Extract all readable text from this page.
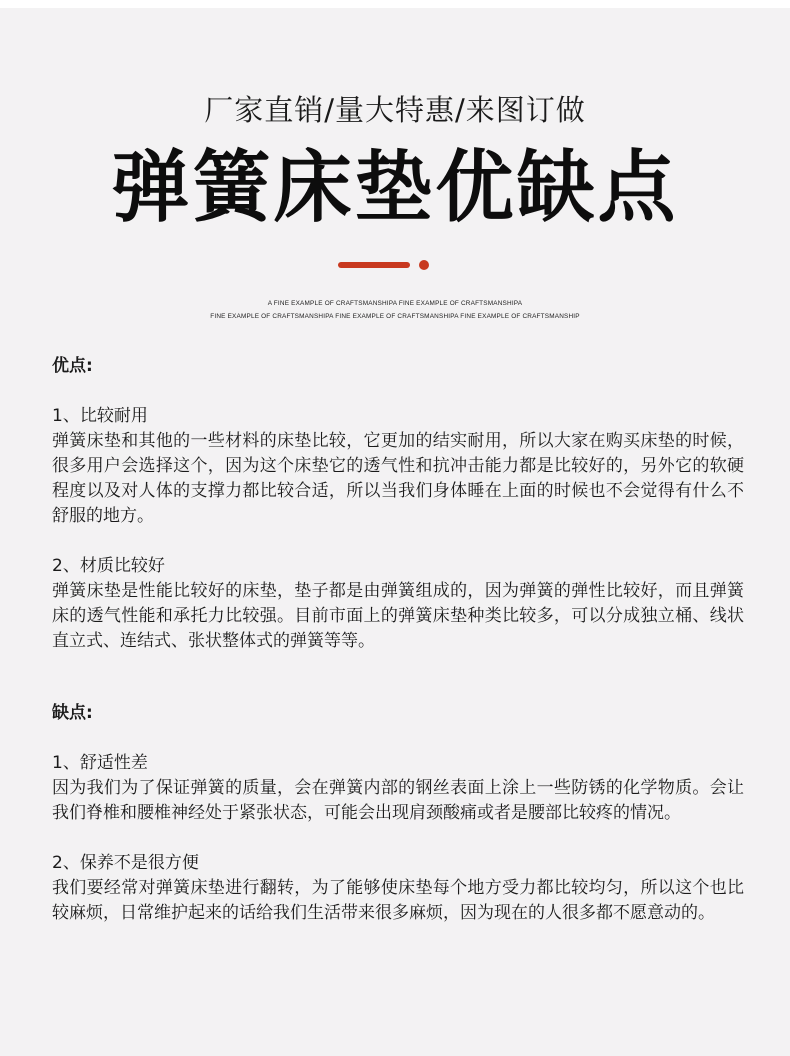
厂家直销/量大特惠/来图订做
弹簧床垫优缺点
A FINE EXAMPLE OF CRAFTSMANSHIPA FINE EXAMPLE OF CRAFTSMANSHIPA
FINE EXAMPLE OF CRAFTSMANSHIPA FINE EXAMPLE OF CRAFTSMANSHIPA FINE EXAMPLE OF CRAFTSMANSHIP

优点:

1、比较耐用

弹簧床垫和其他的一些材料的床垫比较，它更加的结实耐用，所以大家在购买床垫的时候，很多用户会选择这个，因为这个床垫它的透气性和抗冲击能力都是比较好的，另外它的软硬程度以及对人体的支撑力都比较合适，所以当我们身体睡在上面的时候也不会觉得有什么不舒服的地方。

2、材质比较好

弹簧床垫是性能比较好的床垫，垫子都是由弹簧组成的，因为弹簧的弹性比较好，而且弹簧床的透气性能和承托力比较强。目前市面上的弹簧床垫种类比较多，可以分成独立桶、线状直立式、连结式、张状整体式的弹簧等等。

缺点:

1、舒适性差

因为我们为了保证弹簧的质量，会在弹簧内部的钢丝表面上涂上一些防锈的化学物质。会让我们脊椎和腰椎神经处于紧张状态，可能会出现肩颈酸痛或者是腰部比较疼的情况。

2、保养不是很方便

我们要经常对弹簧床垫进行翻转，为了能够使床垫每个地方受力都比较均匀，所以这个也比较麻烦，日常维护起来的话给我们生活带来很多麻烦，因为现在的人很多都不愿意动的。
